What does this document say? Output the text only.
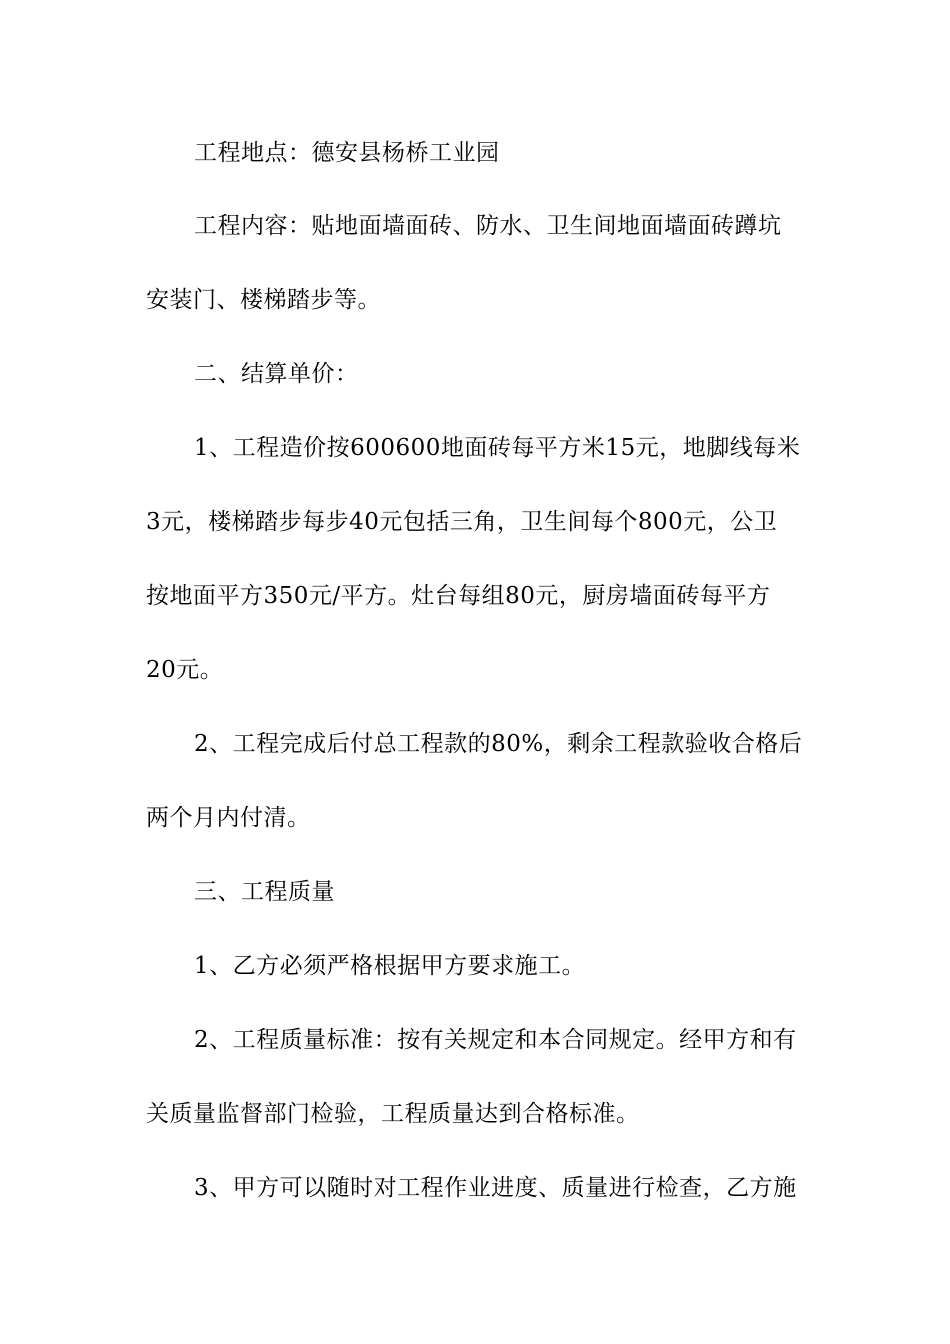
工程地点：德安县杨桥工业园
工程内容：贴地面墙面砖、防水、卫生间地面墙面砖蹲坑
安装门、楼梯踏步等。
二、结算单价：
1、工程造价按600600地面砖每平方米15元，地脚线每米
3元，楼梯踏步每步40元包括三角，卫生间每个800元，公卫
按地面平方350元/平方。灶台每组80元，厨房墙面砖每平方
20元。
2、工程完成后付总工程款的80%，剩余工程款验收合格后
两个月内付清。
三、工程质量
1、乙方必须严格根据甲方要求施工。
2、工程质量标准：按有关规定和本合同规定。经甲方和有
关质量监督部门检验，工程质量达到合格标准。
3、甲方可以随时对工程作业进度、质量进行检查，乙方施
